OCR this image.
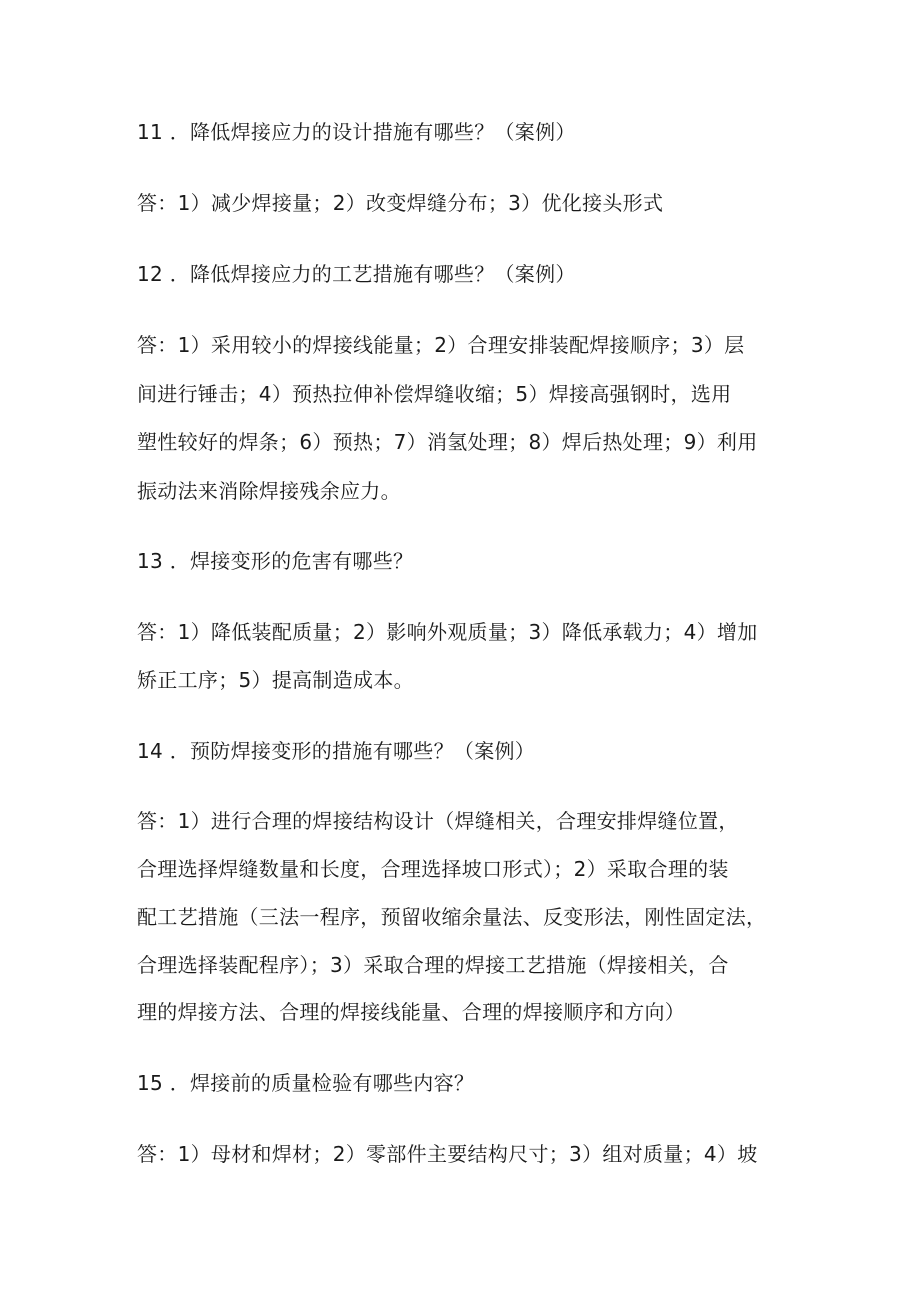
11 ．降低焊接应力的设计措施有哪些？（案例）
答：1）减少焊接量；2）改变焊缝分布；3）优化接头形式
12 ．降低焊接应力的工艺措施有哪些？（案例）
答：1）采用较小的焊接线能量；2）合理安排装配焊接顺序；3）层
间进行锤击；4）预热拉伸补偿焊缝收缩；5）焊接高强钢时，选用
塑性较好的焊条；6）预热；7）消氢处理；8）焊后热处理；9）利用
振动法来消除焊接残余应力。
13 ．焊接变形的危害有哪些？
答：1）降低装配质量；2）影响外观质量；3）降低承载力；4）增加
矫正工序；5）提高制造成本。
14 ．预防焊接变形的措施有哪些？（案例）
答：1）进行合理的焊接结构设计（焊缝相关，合理安排焊缝位置，
合理选择焊缝数量和长度，合理选择坡口形式）；2）采取合理的装
配工艺措施（三法一程序，预留收缩余量法、反变形法，刚性固定法，
合理选择装配程序）；3）采取合理的焊接工艺措施（焊接相关，合
理的焊接方法、合理的焊接线能量、合理的焊接顺序和方向）
15 ．焊接前的质量检验有哪些内容？
答：1）母材和焊材；2）零部件主要结构尺寸；3）组对质量；4）坡
